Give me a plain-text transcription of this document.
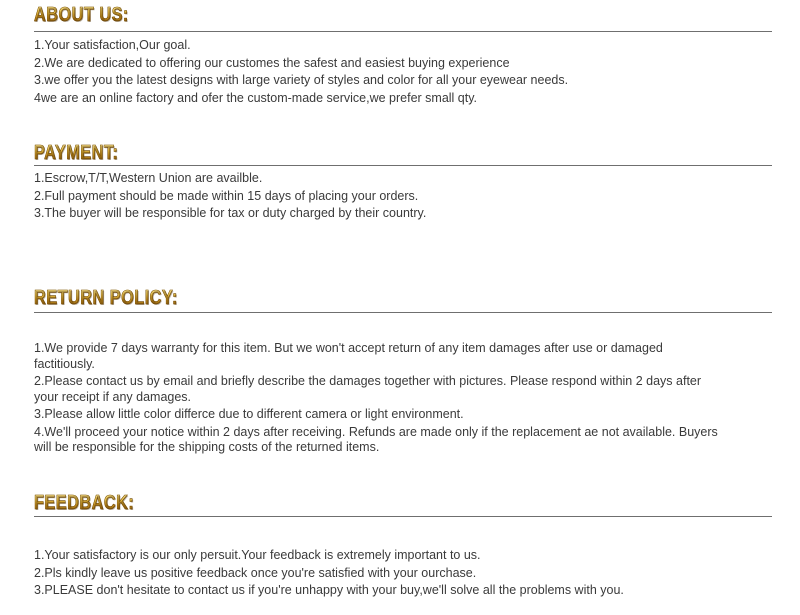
ABOUT US:
1.Your satisfaction,Our goal.
2.We are dedicated to offering our customes the safest and easiest buying experience
3.we offer you the latest designs with large variety of styles and color for all your eyewear needs.
4we are an online factory and ofer the custom-made service,we prefer small qty.
PAYMENT:
1.Escrow,T/T,Western Union are availble.
2.Full payment should be made within 15 days of placing your orders.
3.The buyer will be responsible for tax or duty charged by their country.
RETURN POLICY:
1.We provide 7 days warranty for this item. But we won't accept return of any item damages after use or damaged factitiously.
2.Please contact us by email and briefly describe the damages together with pictures. Please respond within 2 days after your receipt if any damages.
3.Please allow little color differce due to different camera or light environment.
4.We'll proceed your notice within 2 days after receiving. Refunds are made only if the replacement ae not available. Buyers will be responsible for the shipping costs of the returned items.
FEEDBACK:
1.Your satisfactory is our only persuit.Your feedback is extremely important to us.
2.Pls kindly leave us positive feedback once you're satisfied with your ourchase.
3.PLEASE don't hesitate to contact us if you're unhappy with your buy,we'll solve all the problems with you.
